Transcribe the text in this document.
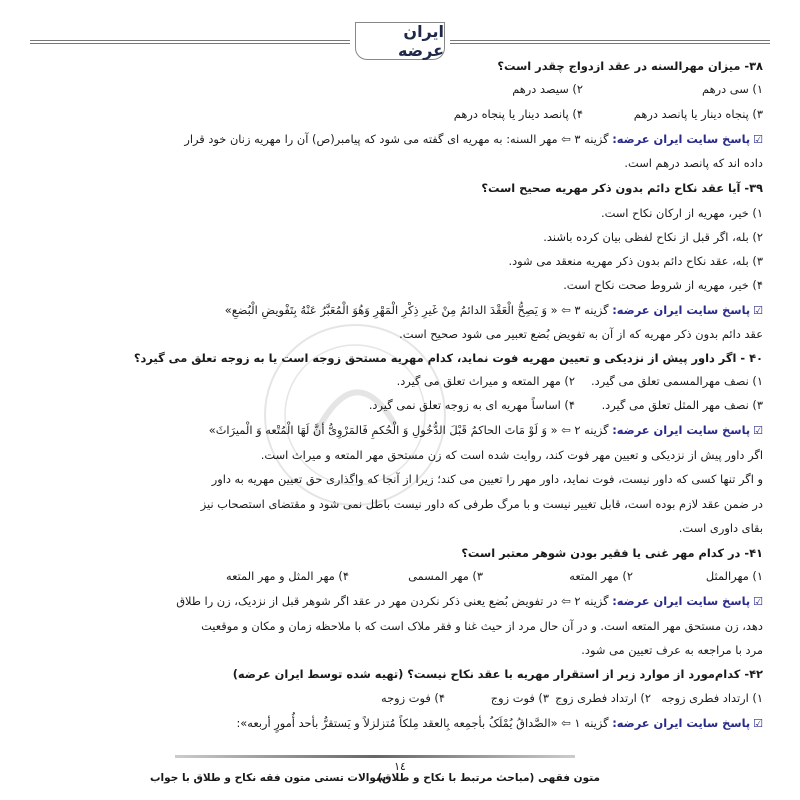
ایران عرضه
۳۸- میزان مهرالسنه در عقد ازدواج چقدر است؟
۱) سی درهم
۲) سیصد درهم
۳) پنجاه دینار یا پانصد درهم
۴) پانصد دینار یا پنجاه درهم
☑پاسخ سایت ایران عرضه: گزینه ۳ ⇦ مهر السنه: به مهریه ای گفته می شود که پیامبر(ص) آن را مهریه زنان خود قرار
داده اند که پانصد درهم است.
۳۹- آیا عقد نکاح دائم بدون ذکر مهریه صحیح است؟
۱) خیر، مهریه از ارکان نکاح است.
۲) بله، اگر قبل از نکاح لفظی بیان کرده باشند.
۳) بله، عقد نکاح دائم بدون ذکر مهریه منعقد می شود.
۴) خیر، مهریه از شروط صحت نکاح است.
☑پاسخ سایت ایران عرضه: گزینه ۳ ⇦ « وَ یَصِحُّ الْعَقْدَ الدائمُ مِنْ غَیرِ ذِکْرِ الْمَهْرِ وَهُوَ الْمُعَبَّرُ عَنْهُ بِتَفْویضِ الْبُضعِ»
عقد دائم بدون ذکر مهریه که از آن به تفویض بُضع تعبیر می شود صحیح است.
۴۰ - اگر داور پیش از نزدیکی و تعیین مهریه فوت نماید، کدام مهریه مستحق زوجه است یا به زوجه تعلق می گیرد؟
۱) نصف مهرالمسمی تعلق می گیرد.
۲) مهر المتعه و میراث تعلق می گیرد.
۳) نصف مهر المثل تعلق می گیرد.
۴) اساساً مهریه ای به زوجه تعلق نمی گیرد.
☑پاسخ سایت ایران عرضه: گزینه ۲ ⇦ « وَ لَوْ مَاتَ الحاکمُ قَبْلَ الدُّخُولِ وَ الْحُکمِ فَالمَرْوِیُّ أنَّ لَهَا الْمُتْعه وَ الْمیرَاثَ»
اگر داور پیش از نزدیکی و تعیین مهر فوت کند، روایت شده است که زن مستحق مهر المتعه و میراث است.
و اگر تنها کسی که داور نیست، فوت نماید، داور مهر را تعیین می کند؛ زیرا از آنجا که واگذاری حق تعیین مهریه به داور
در ضمن عقد لازم بوده است، قابل تغییر نیست و با مرگ طرفی که داور نیست باطل نمی شود و مقتضای استصحاب نیز
بقای داوری است.
۴۱- در کدام مهر غنی یا فقیر بودن شوهر معتبر است؟
۱) مهرالمثل
۲) مهر المتعه
۳) مهر المسمی
۴) مهر المثل و مهر المتعه
☑پاسخ سایت ایران عرضه: گزینه ۲ ⇦ در تفویض بُضع یعنی ذکر نکردن مهر در عقد اگر شوهر قبل از نزدیک، زن را طلاق
دهد، زن مستحق مهر المتعه است. و در آن حال مرد از حیث غنا و فقر ملاک است که با ملاحظه زمان و مکان و موقعیت
مرد با مراجعه به عرف تعیین می شود.
۴۲- کدام‌مورد از موارد زیر از استقرار مهریه با عقد نکاح نیست؟ (تهیه شده توسط ایران عرضه)
۱) ارتداد فطری زوجه
۲) ارتداد فطری زوج
۳) فوت زوج
۴) فوت زوجه
☑پاسخ سایت ایران عرضه: گزینه ۱ ⇦ «الصَّداقُ یُمْلَکُ بأجمِعه بِالعقد مِلکاً مُتزلزلاً و یَستقرُّ بأحد أُمورٍ أربعه»:
١٤
سوالات تستی متون فقه نکاح و طلاق با جواب
متون فقهی (مباحث مرتبط با نکاح و طلاق)
